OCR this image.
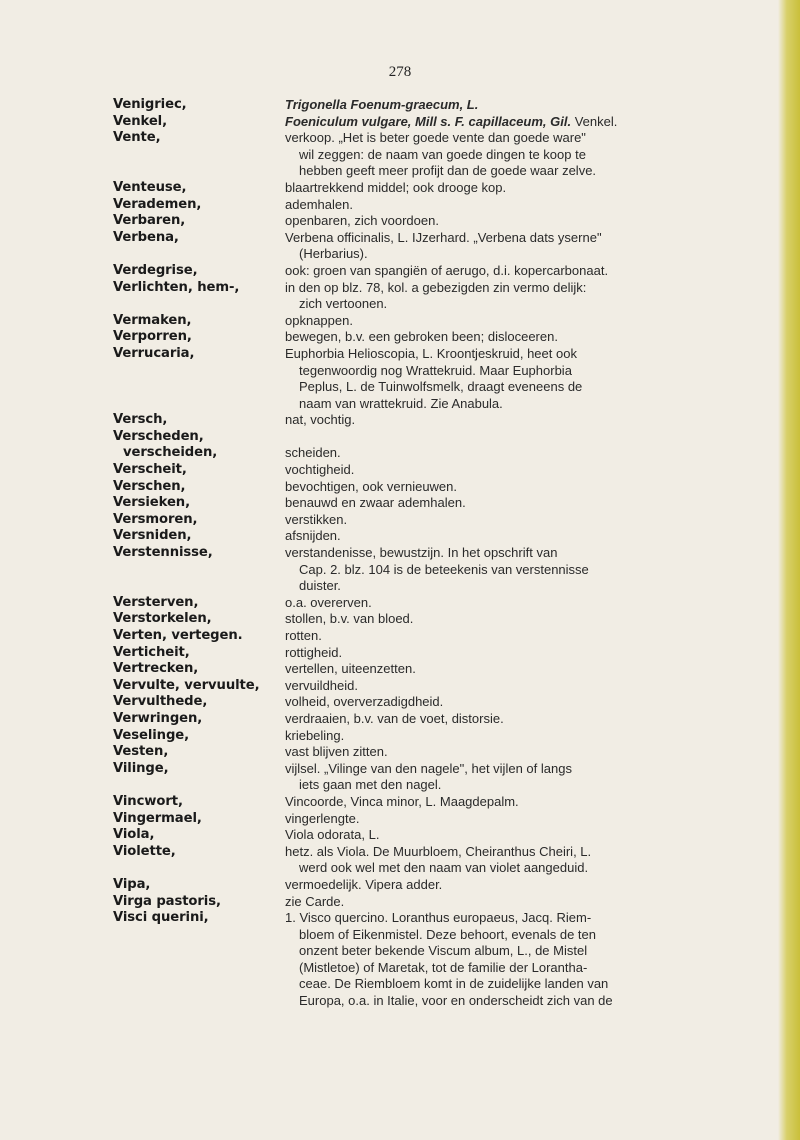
278
Venigriec,	Trigonella Foenum-graecum, L.
Venkel,	Foeniculum vulgare, Mill s. F. capillaceum, Gil. Venkel.
Vente,	verkoop. „Het is beter goede vente dan goede ware"
wil zeggen: de naam van goede dingen te koop te
hebben geeft meer profijt dan de goede waar zelve.
Venteuse,	blaartrekkend middel; ook drooge kop.
Verademen,	ademhalen.
Verbaren,	openbaren, zich voordoen.
Verbena,	Verbena officinalis, L. IJzerhard. „Verbena dats yserne"
(Herbarius).
Verdegrise,	ook: groen van spangiën of aerugo, d.i. kopercarbonaat.
Verlichten, hem-,	in den op blz. 78, kol. a gebezigden zin vermo delijk:
zich vertoonen.
Vermaken,	opknappen.
Verporren,	bewegen, b.v. een gebroken been; disloceeren.
Verrucaria,	Euphorbia Helioscopia, L. Kroontjeskruid, heet ook
tegenwoordig nog Wrattekruid. Maar Euphorbia
Peplus, L. de Tuinwolfsmelk, draagt eveneens de
naam van wrattekruid. Zie Anabula.
Versch,	nat, vochtig.
Verscheden,
verscheiden,
	scheiden.
Verscheit,	vochtigheid.
Verschen,	bevochtigen, ook vernieuwen.
Versieken,	benauwd en zwaar ademhalen.
Versmoren,	verstikken.
Versniden,	afsnijden.
Verstennisse,	verstandenisse, bewustzijn. In het opschrift van
Cap. 2. blz. 104 is de beteekenis van verstennisse
duister.
Versterven,	o.a. overerven.
Verstorkelen,	stollen, b.v. van bloed.
Verten, vertegen.	rotten.
Verticheit,	rottigheid.
Vertrecken,	vertellen, uiteenzetten.
Vervulte, vervuulte,	vervuildheid.
Vervulthede,	volheid, oververzadigdheid.
Verwringen,	verdraaien, b.v. van de voet, distorsie.
Veselinge,	kriebeling.
Vesten,	vast blijven zitten.
Vilinge,	vijlsel. „Vilinge van den nagele", het vijlen of langs
iets gaan met den nagel.
Vincwort,	Vincoorde, Vinca minor, L. Maagdepalm.
Vingermael,	vingerlengte.
Viola,	Viola odorata, L.
Violette,	hetz. als Viola. De Muurbloem, Cheiranthus Cheiri, L.
werd ook wel met den naam van violet aangeduid.
Vipa,	vermoedelijk. Vipera adder.
Virga pastoris,	zie Carde.
Visci querini,	1. Visco quercino. Loranthus europaeus, Jacq. Riem-
bloem of Eikenmistel. Deze behoort, evenals de ten
onzent beter bekende Viscum album, L., de Mistel
(Mistletoe) of Maretak, tot de familie der Lorantha-
ceae. De Riembloem komt in de zuidelijke landen van
Europa, o.a. in Italie, voor en onderscheidt zich van de
